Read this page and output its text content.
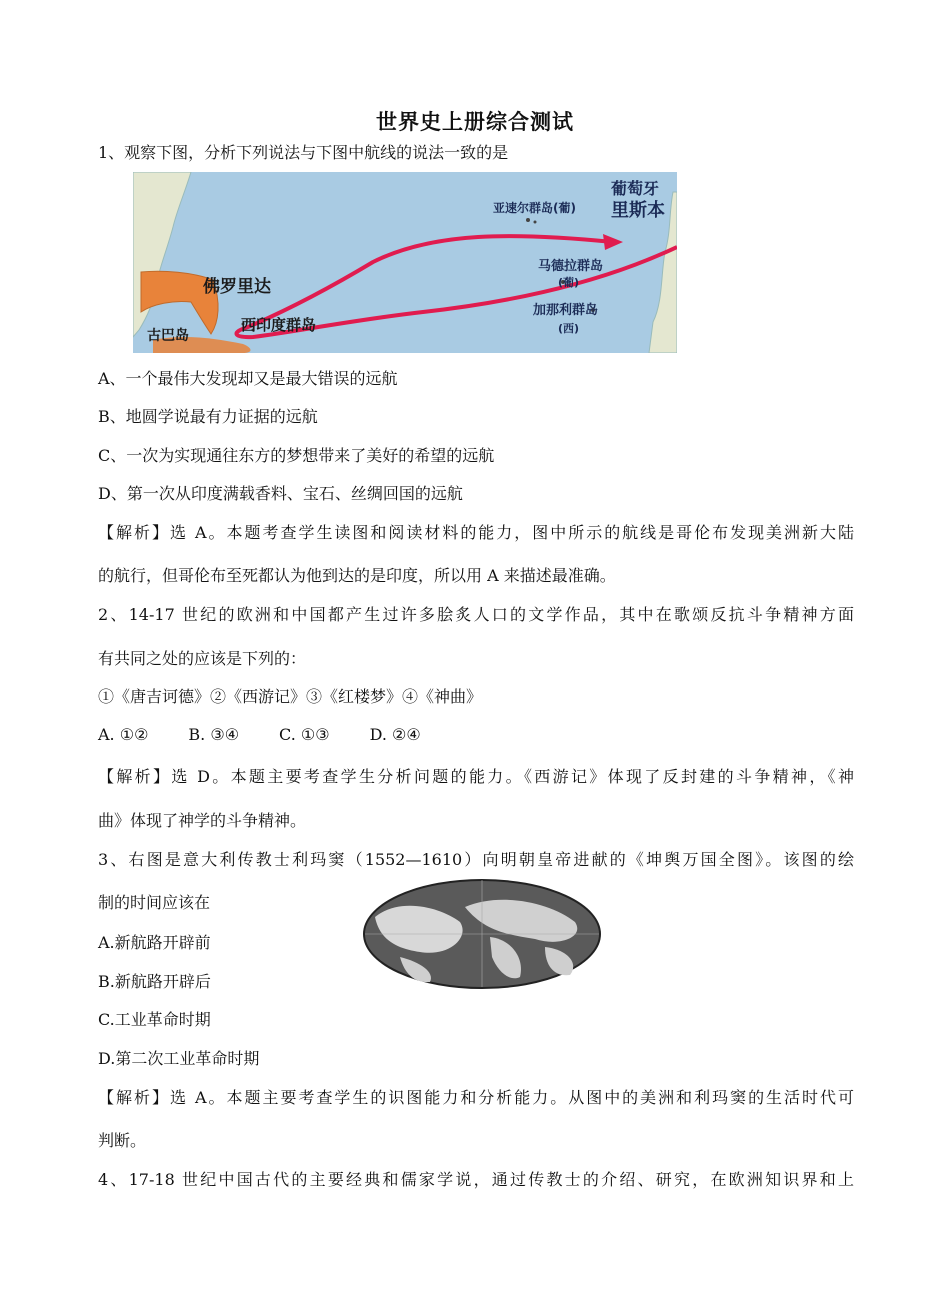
世界史上册综合测试
1、观察下图，分析下列说法与下图中航线的说法一致的是
葡萄牙
里斯本
亚速尔群岛(葡)
马德拉群岛
(葡)
加那利群岛
(西)
佛罗里达
西印度群岛
古巴岛
A、一个最伟大发现却又是最大错误的远航
B、地圆学说最有力证据的远航
C、一次为实现通往东方的梦想带来了美好的希望的远航
D、第一次从印度满载香料、宝石、丝绸回国的远航
【解析】选 A。本题考查学生读图和阅读材料的能力，图中所示的航线是哥伦布发现美洲新大陆
的航行，但哥伦布至死都认为他到达的是印度，所以用 A 来描述最准确。
2、14-17 世纪的欧洲和中国都产生过许多脍炙人口的文学作品，其中在歌颂反抗斗争精神方面
有共同之处的应该是下列的：
①《唐吉诃德》②《西游记》③《红楼梦》④《神曲》
A. ①②	B. ③④	C. ①③	D. ②④
【解析】选 D。本题主要考查学生分析问题的能力。《西游记》体现了反封建的斗争精神，《神
曲》体现了神学的斗争精神。
3、右图是意大利传教士利玛窦（1552—1610）向明朝皇帝进献的《坤舆万国全图》。该图的绘
制的时间应该在
A.新航路开辟前
B.新航路开辟后
C.工业革命时期
D.第二次工业革命时期
【解析】选 A。本题主要考查学生的识图能力和分析能力。从图中的美洲和利玛窦的生活时代可
判断。
4、17-18 世纪中国古代的主要经典和儒家学说，通过传教士的介绍、研究，在欧洲知识界和上
